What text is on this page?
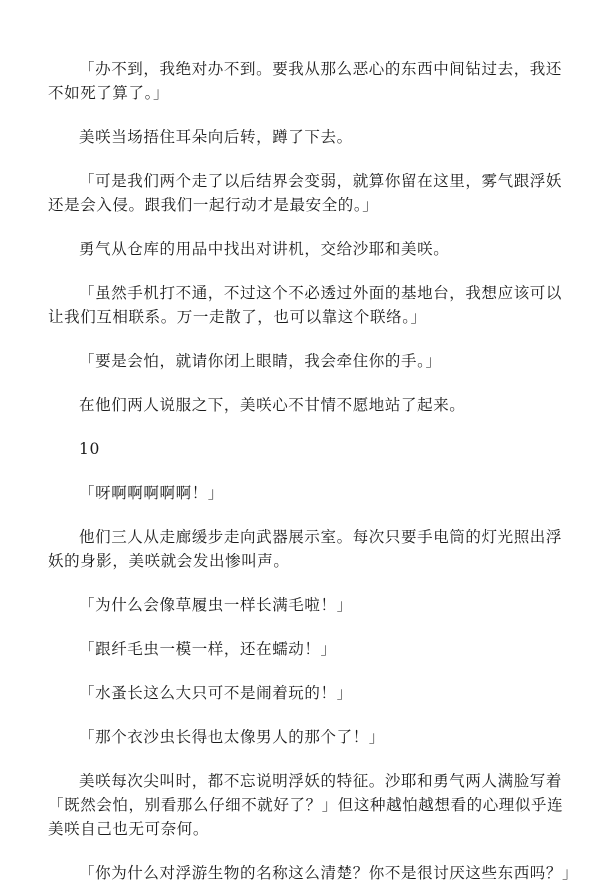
「办不到，我绝对办不到。要我从那么恶心的东西中间钻过去，我还不如死了算了。」

美咲当场捂住耳朵向后转，蹲了下去。

「可是我们两个走了以后结界会变弱，就算你留在这里，雾气跟浮妖还是会入侵。跟我们一起行动才是最安全的。」

勇气从仓库的用品中找出对讲机，交给沙耶和美咲。

「虽然手机打不通，不过这个不必透过外面的基地台，我想应该可以让我们互相联系。万一走散了，也可以靠这个联络。」

「要是会怕，就请你闭上眼睛，我会牵住你的手。」

在他们两人说服之下，美咲心不甘情不愿地站了起来。

10

「呀啊啊啊啊啊！」

他们三人从走廊缓步走向武器展示室。每次只要手电筒的灯光照出浮妖的身影，美咲就会发出惨叫声。

「为什么会像草履虫一样长满毛啦！」

「跟纤毛虫一模一样，还在蠕动！」

「水蚤长这么大只可不是闹着玩的！」

「那个衣沙虫长得也太像男人的那个了！」

美咲每次尖叫时，都不忘说明浮妖的特征。沙耶和勇气两人满脸写着「既然会怕，别看那么仔细不就好了？」但这种越怕越想看的心理似乎连美咲自己也无可奈何。

「你为什么对浮游生物的名称这么清楚？你不是很讨厌这些东西吗？」
